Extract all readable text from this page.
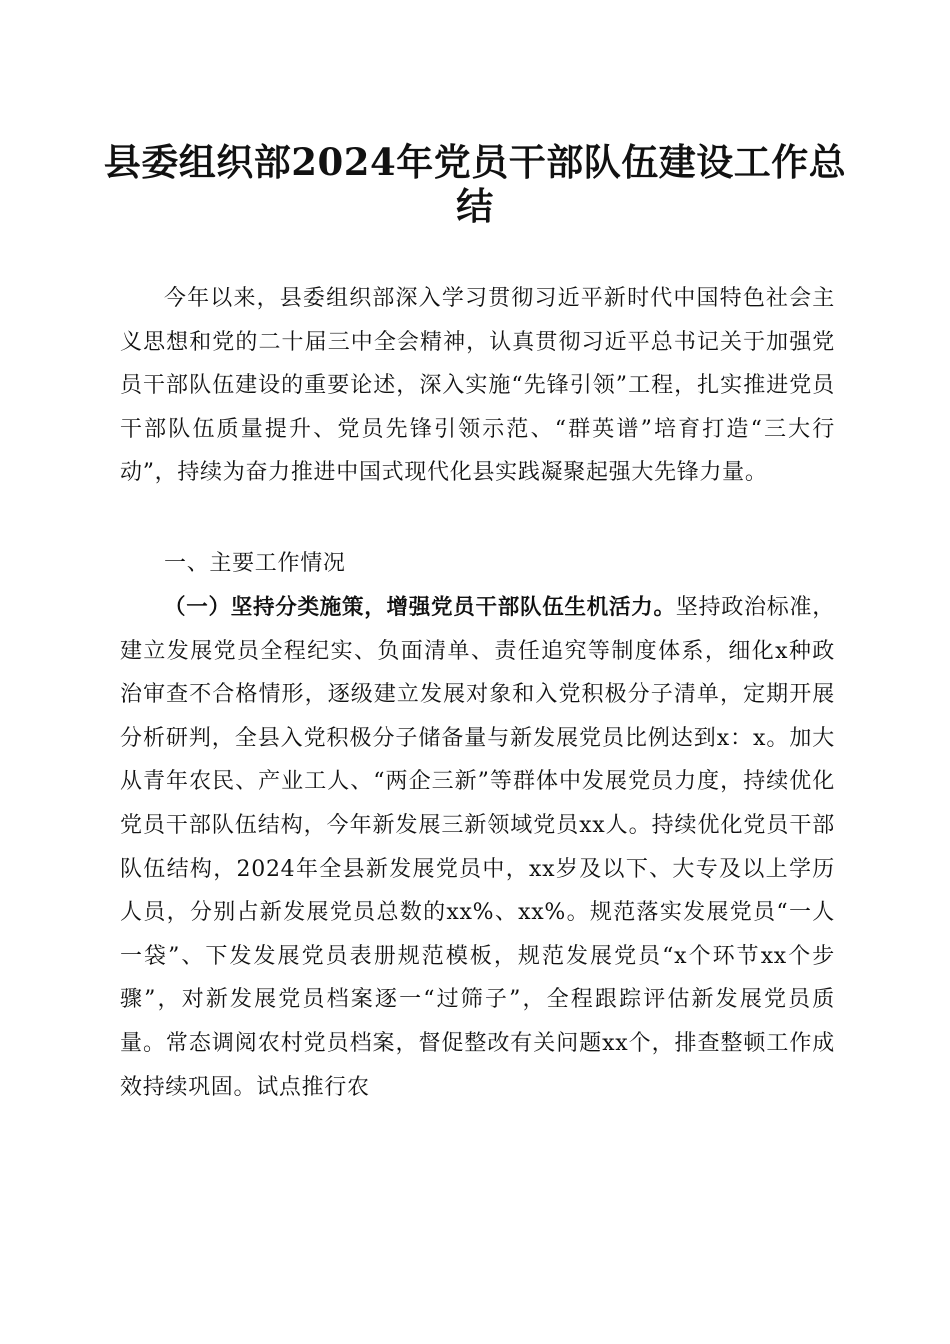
县委组织部2024年党员干部队伍建设工作总
结

今年以来，县委组织部深入学习贯彻习近平新时代中国特色社会主义思想和党的二十届三中全会精神，认真贯彻习近平总书记关于加强党员干部队伍建设的重要论述，深入实施“先锋引领”工程，扎实推进党员干部队伍质量提升、党员先锋引领示范、“群英谱”培育打造“三大行动”，持续为奋力推进中国式现代化县实践凝聚起强大先锋力量。

一、主要工作情况

（一）坚持分类施策，增强党员干部队伍生机活力。坚持政治标准，建立发展党员全程纪实、负面清单、责任追究等制度体系，细化x种政治审查不合格情形，逐级建立发展对象和入党积极分子清单，定期开展分析研判，全县入党积极分子储备量与新发展党员比例达到x：x。加大从青年农民、产业工人、“两企三新”等群体中发展党员力度，持续优化党员干部队伍结构，今年新发展三新领域党员xx人。持续优化党员干部队伍结构，2024年全县新发展党员中，xx岁及以下、大专及以上学历人员，分别占新发展党员总数的xx%、xx%。规范落实发展党员“一人一袋”、下发发展党员表册规范模板，规范发展党员“x个环节xx个步骤”，对新发展党员档案逐一“过筛子”，全程跟踪评估新发展党员质量。常态调阅农村党员档案，督促整改有关问题xx个，排查整顿工作成效持续巩固。试点推行农
